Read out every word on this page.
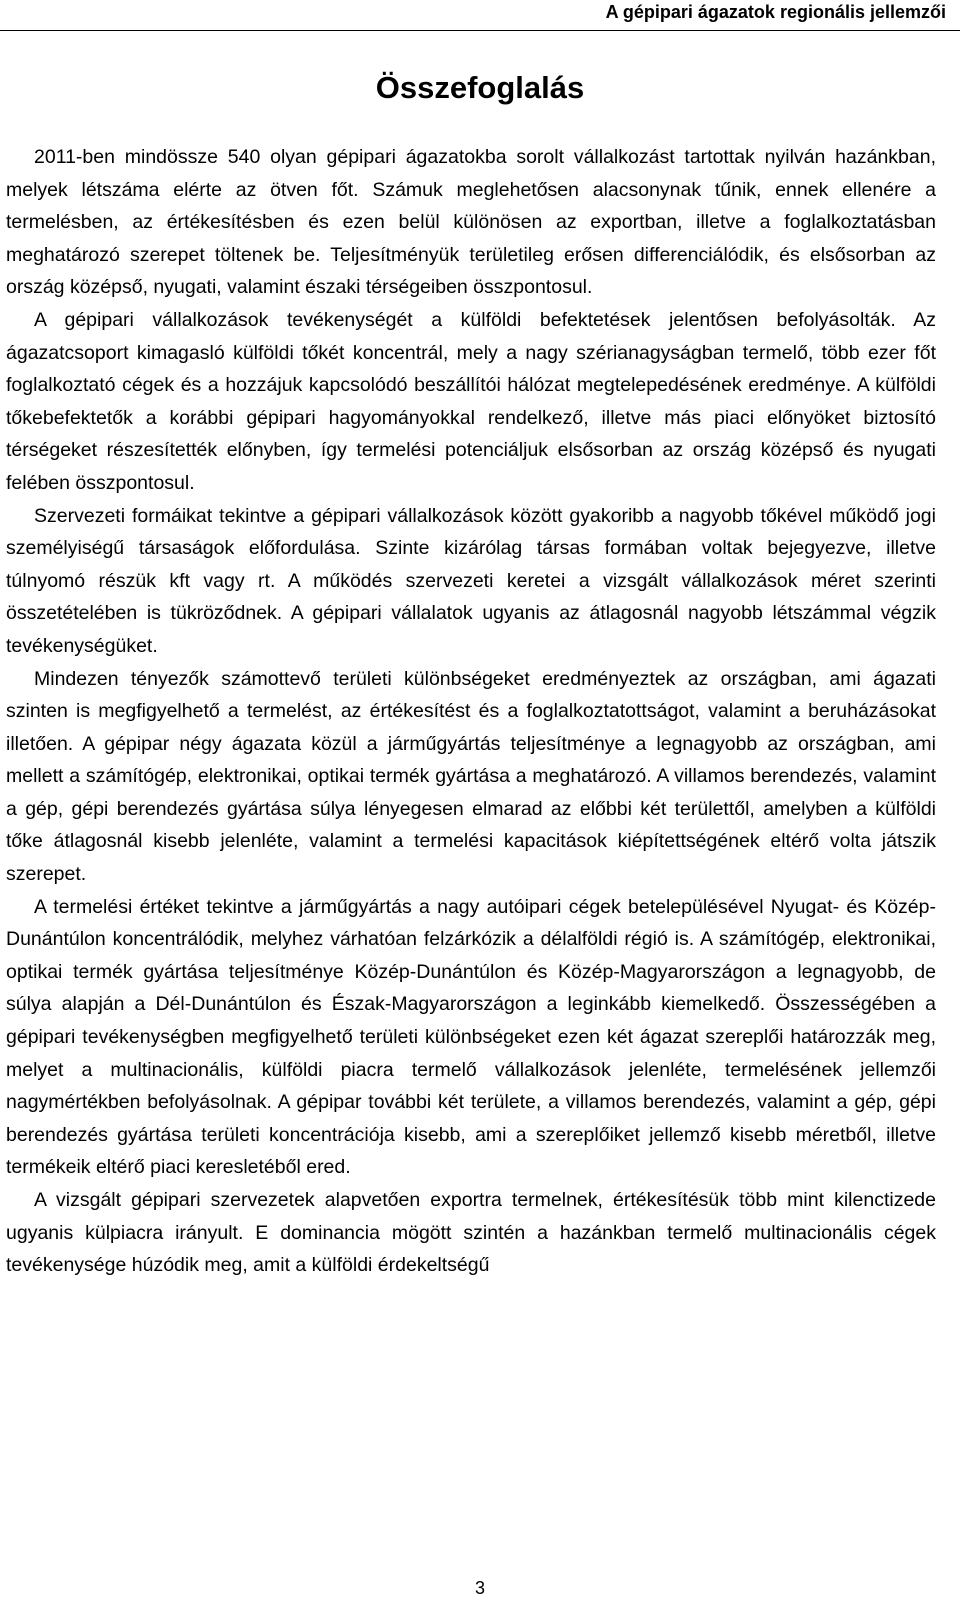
A gépipari ágazatok regionális jellemzői
Összefoglalás

2011-ben mindössze 540 olyan gépipari ágazatokba sorolt vállalkozást tartottak nyilván hazánkban, melyek létszáma elérte az ötven főt. Számuk meglehetősen alacsonynak tűnik, ennek ellenére a termelésben, az értékesítésben és ezen belül különösen az exportban, illetve a foglalkoztatásban meghatározó szerepet töltenek be. Teljesítményük területileg erősen differenciálódik, és elsősorban az ország középső, nyugati, valamint északi térségeiben összpontosul.

A gépipari vállalkozások tevékenységét a külföldi befektetések jelentősen befolyásolták. Az ágazatcsoport kimagasló külföldi tőkét koncentrál, mely a nagy szérianagyságban termelő, több ezer főt foglalkoztató cégek és a hozzájuk kapcsolódó beszállítói hálózat megtelepedésének eredménye. A külföldi tőkebefektetők a korábbi gépipari hagyományokkal rendelkező, illetve más piaci előnyöket biztosító térségeket részesítették előnyben, így termelési potenciáljuk elsősorban az ország középső és nyugati felében összpontosul.

Szervezeti formáikat tekintve a gépipari vállalkozások között gyakoribb a nagyobb tőkével működő jogi személyiségű társaságok előfordulása. Szinte kizárólag társas formában voltak bejegyezve, illetve túlnyomó részük kft vagy rt. A működés szervezeti keretei a vizsgált vállalkozások méret szerinti összetételében is tükröződnek. A gépipari vállalatok ugyanis az átlagosnál nagyobb létszámmal végzik tevékenységüket.

Mindezen tényezők számottevő területi különbségeket eredményeztek az országban, ami ágazati szinten is megfigyelhető a termelést, az értékesítést és a foglalkoztatottságot, valamint a beruházásokat illetően. A gépipar négy ágazata közül a járműgyártás teljesítménye a legnagyobb az országban, ami mellett a számítógép, elektronikai, optikai termék gyártása a meghatározó. A villamos berendezés, valamint a gép, gépi berendezés gyártása súlya lényegesen elmarad az előbbi két területtől, amelyben a külföldi tőke átlagosnál kisebb jelenléte, valamint a termelési kapacitások kiépítettségének eltérő volta játszik szerepet.

A termelési értéket tekintve a járműgyártás a nagy autóipari cégek betelepülésével Nyugat- és Közép-Dunántúlon koncentrálódik, melyhez várhatóan felzárkózik a délalföldi régió is. A számítógép, elektronikai, optikai termék gyártása teljesítménye Közép-Dunántúlon és Közép-Magyarországon a legnagyobb, de súlya alapján a Dél-Dunántúlon és Észak-Magyarországon a leginkább kiemelkedő. Összességében a gépipari tevékenységben megfigyelhető területi különbségeket ezen két ágazat szereplői határozzák meg, melyet a multinacionális, külföldi piacra termelő vállalkozások jelenléte, termelésének jellemzői nagymértékben befolyásolnak. A gépipar további két területe, a villamos berendezés, valamint a gép, gépi berendezés gyártása területi koncentrációja kisebb, ami a szereplőiket jellemző kisebb méretből, illetve termékeik eltérő piaci keresletéből ered.

A vizsgált gépipari szervezetek alapvetően exportra termelnek, értékesítésük több mint kilenctizede ugyanis külpiacra irányult. E dominancia mögött szintén a hazánkban termelő multinacionális cégek tevékenysége húzódik meg, amit a külföldi érdekeltségű

3
